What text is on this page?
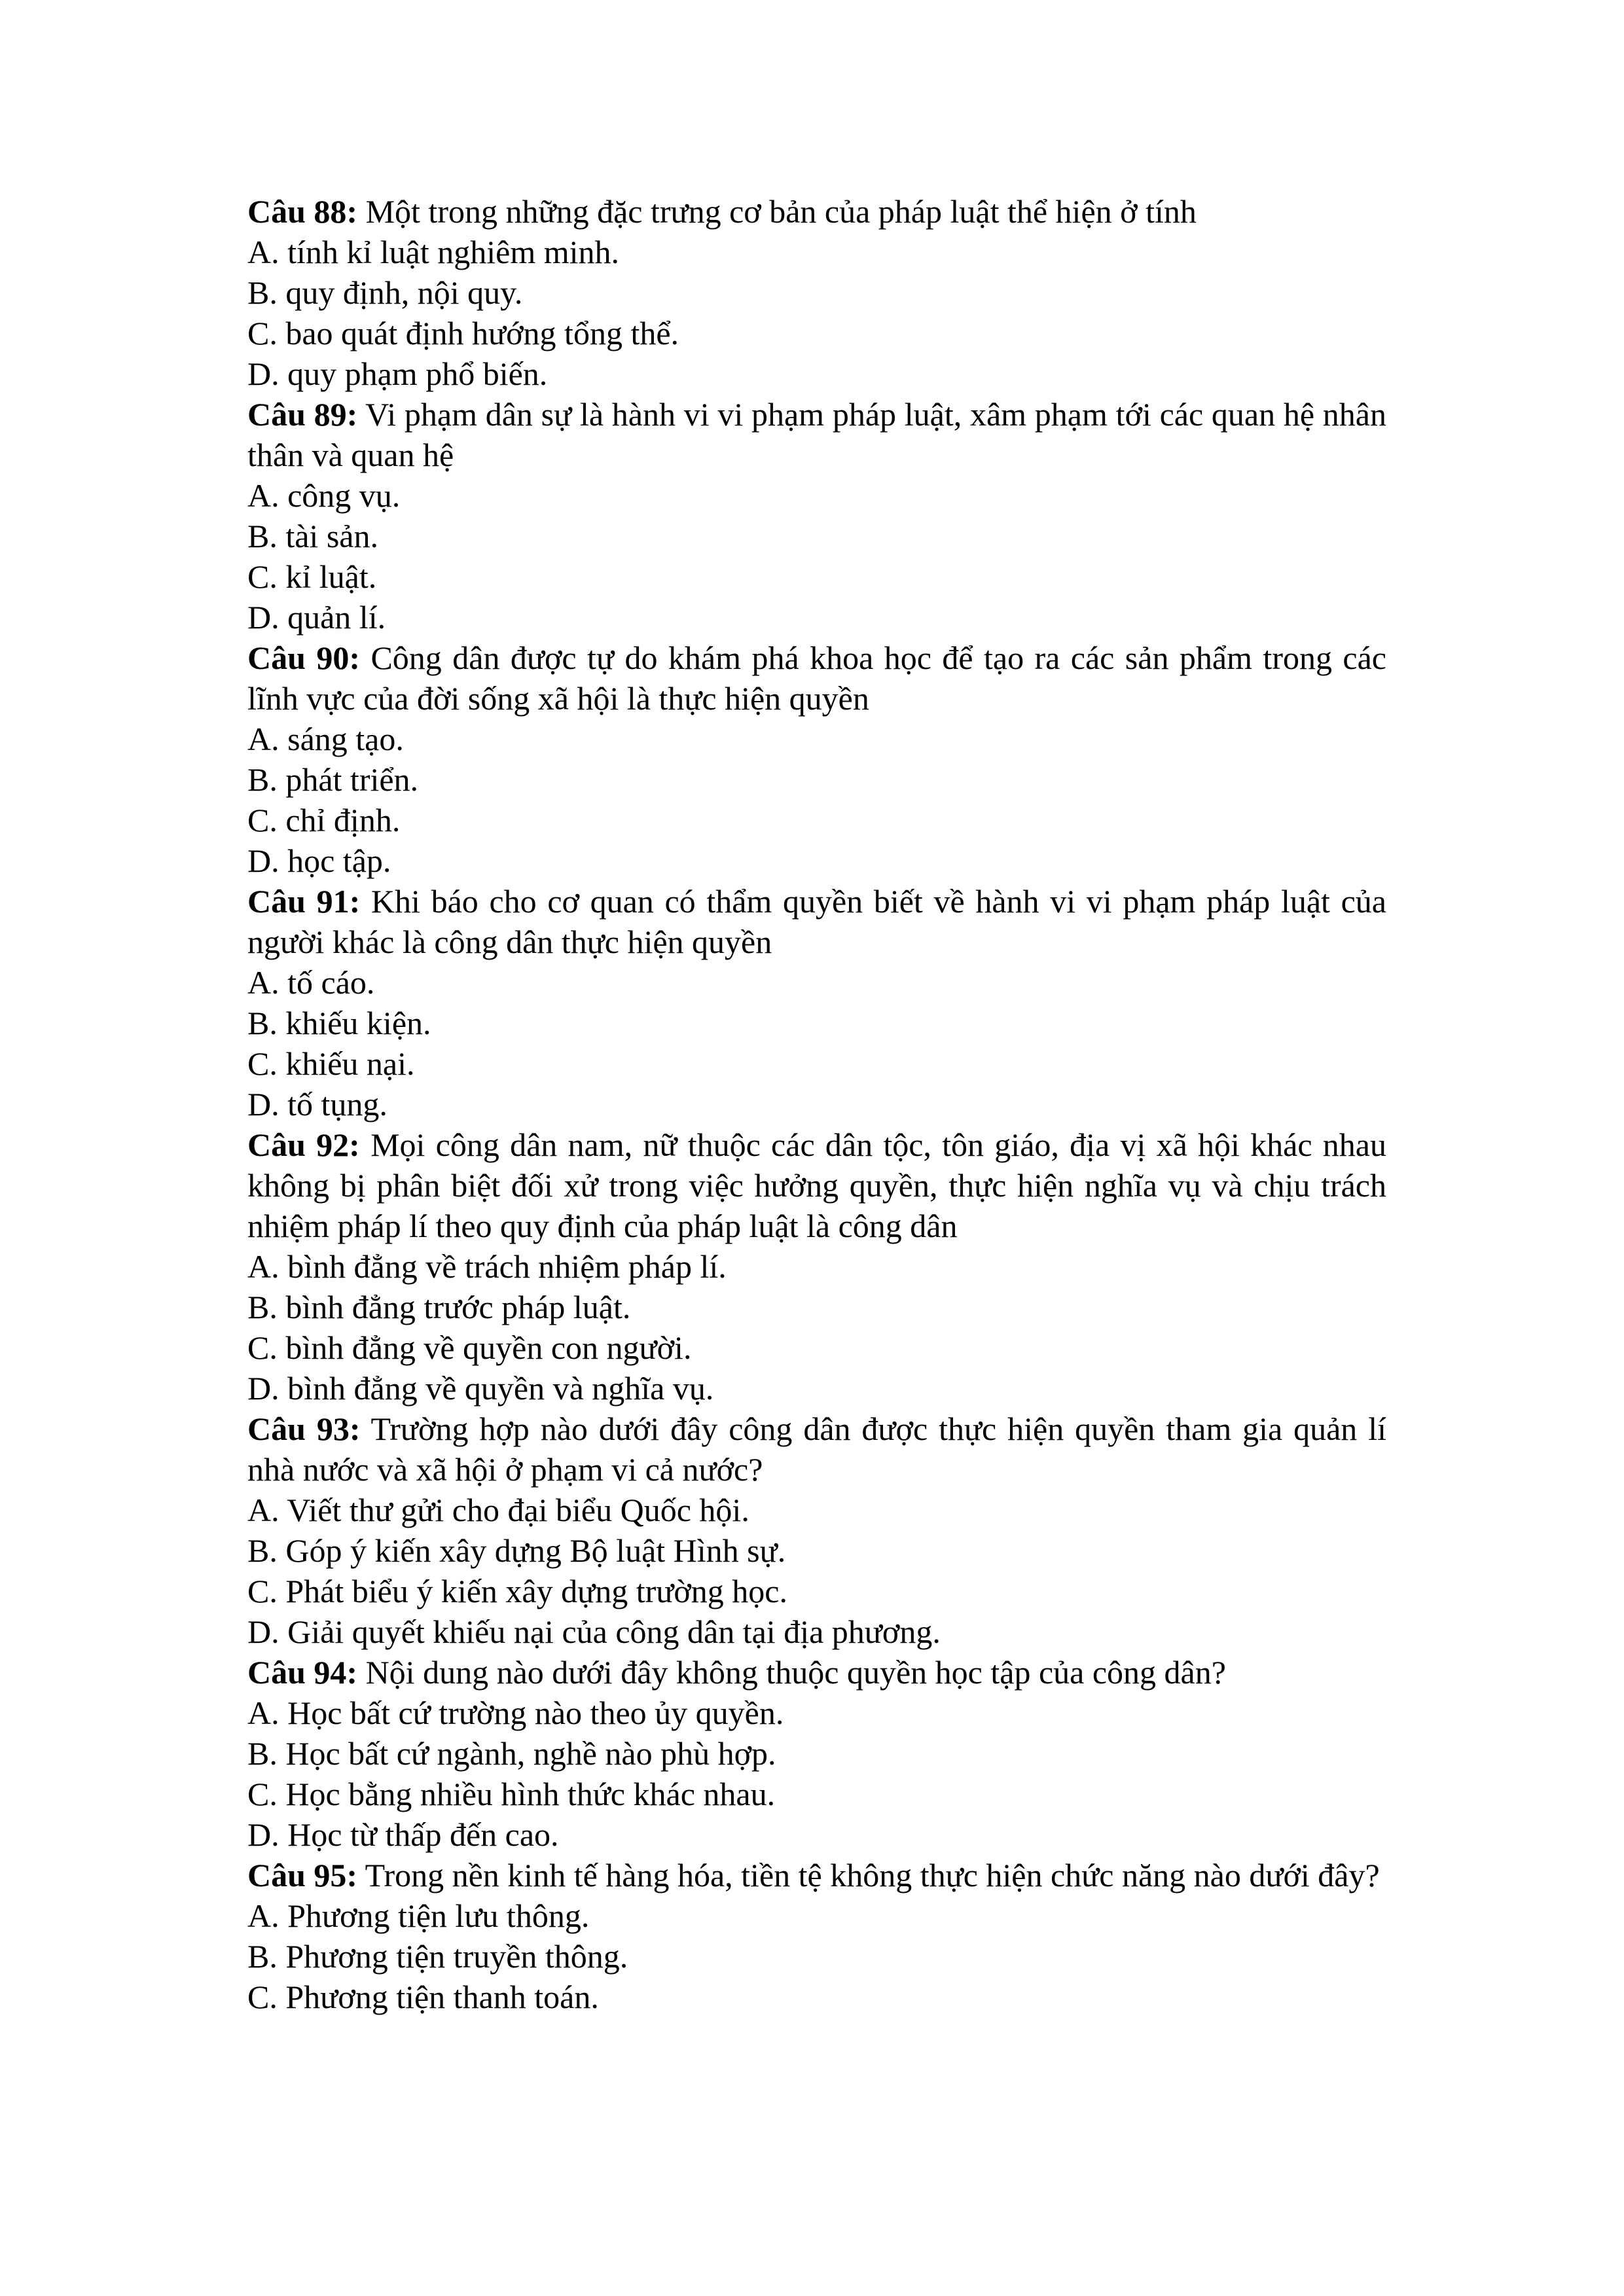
Câu 88: Một trong những đặc trưng cơ bản của pháp luật thể hiện ở tính

A. tính kỉ luật nghiêm minh.

B. quy định, nội quy.

C. bao quát định hướng tổng thể.

D. quy phạm phổ biến.

Câu 89: Vi phạm dân sự là hành vi vi phạm pháp luật, xâm phạm tới các quan hệ nhân thân và quan hệ

A. công vụ.

B. tài sản.

C. kỉ luật.

D. quản lí.

Câu 90: Công dân được tự do khám phá khoa học để tạo ra các sản phẩm trong các lĩnh vực của đời sống xã hội là thực hiện quyền

A. sáng tạo.

B. phát triển.

C. chỉ định.

D. học tập.

Câu 91: Khi báo cho cơ quan có thẩm quyền biết về hành vi vi phạm pháp luật của người khác là công dân thực hiện quyền

A. tố cáo.

B. khiếu kiện.

C. khiếu nại.

D. tố tụng.

Câu 92: Mọi công dân nam, nữ thuộc các dân tộc, tôn giáo, địa vị xã hội khác nhau không bị phân biệt đối xử trong việc hưởng quyền, thực hiện nghĩa vụ và chịu trách nhiệm pháp lí theo quy định của pháp luật là công dân

A. bình đẳng về trách nhiệm pháp lí.

B. bình đẳng trước pháp luật.

C. bình đẳng về quyền con người.

D. bình đẳng về quyền và nghĩa vụ.

Câu 93: Trường hợp nào dưới đây công dân được thực hiện quyền tham gia quản lí nhà nước và xã hội ở phạm vi cả nước?

A. Viết thư gửi cho đại biểu Quốc hội.

B. Góp ý kiến xây dựng Bộ luật Hình sự.

C. Phát biểu ý kiến xây dựng trường học.

D. Giải quyết khiếu nại của công dân tại địa phương.

Câu 94: Nội dung nào dưới đây không thuộc quyền học tập của công dân?

A. Học bất cứ trường nào theo ủy quyền.

B. Học bất cứ ngành, nghề nào phù hợp.

C. Học bằng nhiều hình thức khác nhau.

D. Học từ thấp đến cao.

Câu 95: Trong nền kinh tế hàng hóa, tiền tệ không thực hiện chức năng nào dưới đây?

A. Phương tiện lưu thông.

B. Phương tiện truyền thông.

C. Phương tiện thanh toán.
